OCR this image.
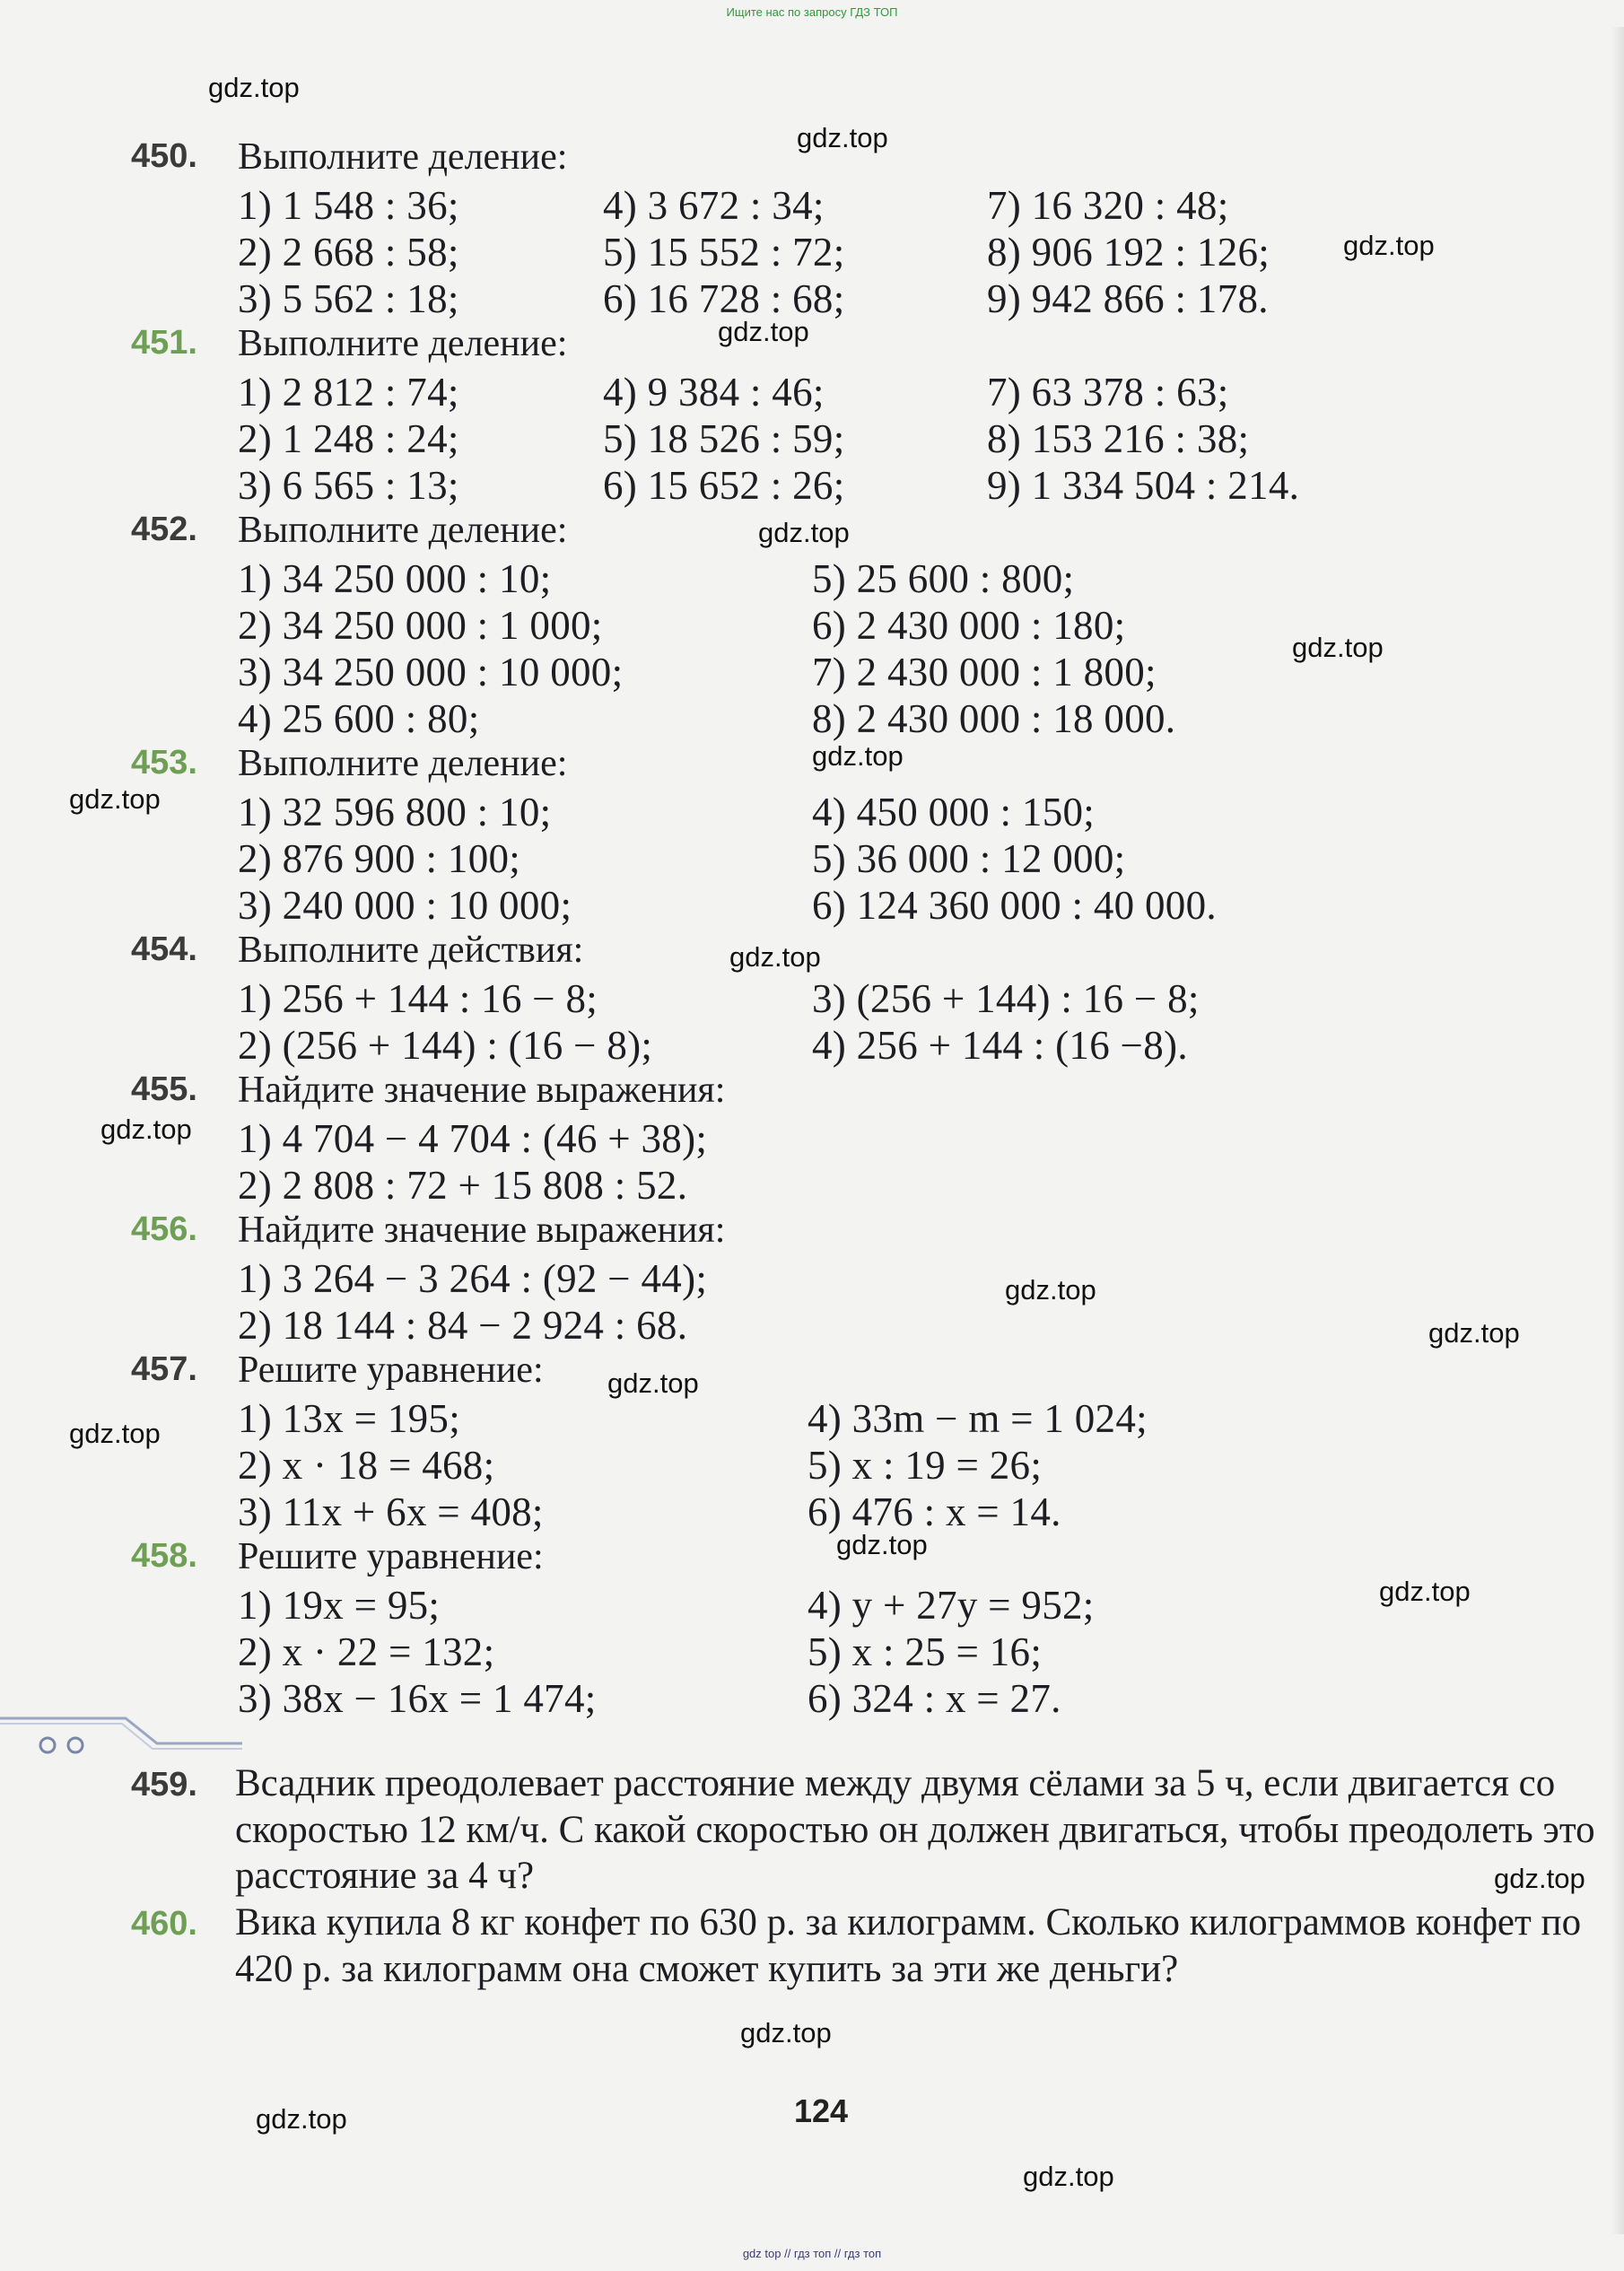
Ищите нас по запросу ГДЗ ТОП
gdz.top
gdz.top
gdz.top
gdz.top
gdz.top
gdz.top
gdz.top
gdz.top
gdz.top
gdz.top
gdz.top
gdz.top
gdz.top
gdz.top
gdz.top
gdz.top
gdz.top
gdz.top
gdz.top
gdz.top
450. Выполните деление:
1) 1 548 : 36;
2) 2 668 : 58;
3) 5 562 : 18;
4) 3 672 : 34;
5) 15 552 : 72;
6) 16 728 : 68;
7) 16 320 : 48;
8) 906 192 : 126;
9) 942 866 : 178.
451. Выполните деление:
1) 2 812 : 74;
2) 1 248 : 24;
3) 6 565 : 13;
4) 9 384 : 46;
5) 18 526 : 59;
6) 15 652 : 26;
7) 63 378 : 63;
8) 153 216 : 38;
9) 1 334 504 : 214.
452. Выполните деление:
1) 34 250 000 : 10;
2) 34 250 000 : 1 000;
3) 34 250 000 : 10 000;
4) 25 600 : 80;
5) 25 600 : 800;
6) 2 430 000 : 180;
7) 2 430 000 : 1 800;
8) 2 430 000 : 18 000.
453. Выполните деление:
1) 32 596 800 : 10;
2) 876 900 : 100;
3) 240 000 : 10 000;
4) 450 000 : 150;
5) 36 000 : 12 000;
6) 124 360 000 : 40 000.
454. Выполните действия:
1) 256 + 144 : 16 − 8;
2) (256 + 144) : (16 − 8);
3) (256 + 144) : 16 − 8;
4) 256 + 144 : (16 −8).
455. Найдите значение выражения:
1) 4 704 − 4 704 : (46 + 38);
2) 2 808 : 72 + 15 808 : 52.
456. Найдите значение выражения:
1) 3 264 − 3 264 : (92 − 44);
2) 18 144 : 84 − 2 924 : 68.
457. Решите уравнение:
1) 13x = 195;
2) x · 18 = 468;
3) 11x + 6x = 408;
4) 33m − m = 1 024;
5) x : 19 = 26;
6) 476 : x = 14.
458. Решите уравнение:
1) 19x = 95;
2) x · 22 = 132;
3) 38x − 16x = 1 474;
4) y + 27y = 952;
5) x : 25 = 16;
6) 324 : x = 27.
459. Всадник преодолевает расстояние между двумя сёлами за 5 ч, если двигается со скоростью 12 км/ч. С какой скоростью он должен двигаться, чтобы преодолеть это расстояние за 4 ч?
460. Вика купила 8 кг конфет по 630 р. за килограмм. Сколько килограммов конфет по 420 р. за килограмм она сможет купить за эти же деньги?
124
gdz top // гдз топ // гдз топ
